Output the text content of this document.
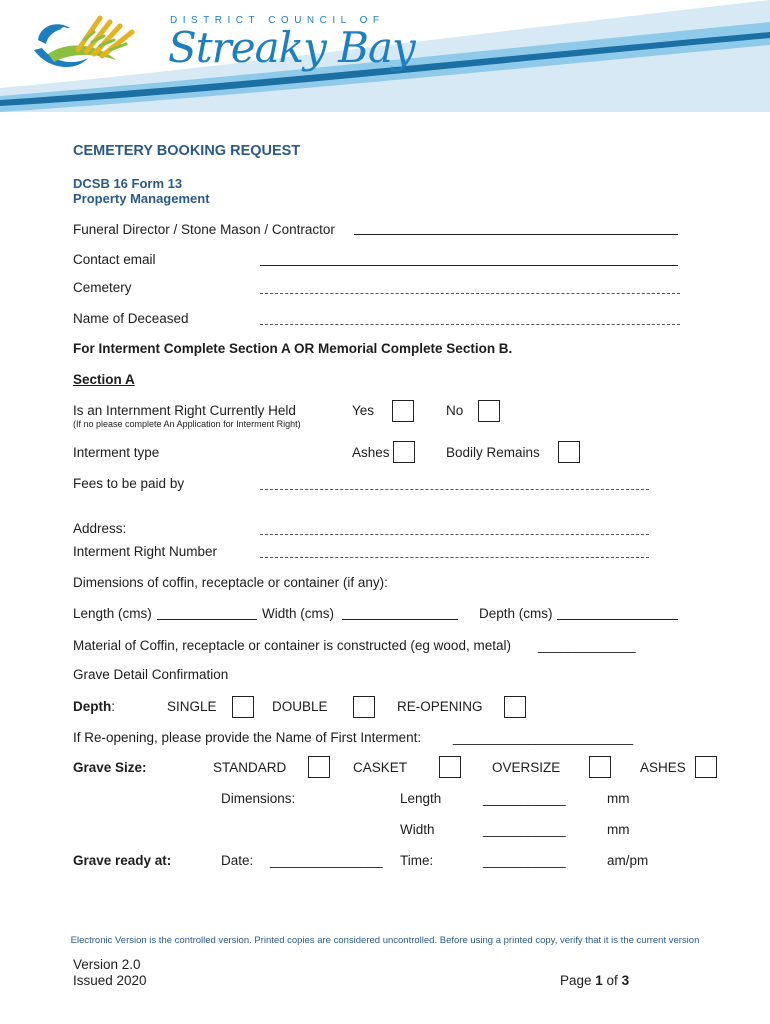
DISTRICT COUNCIL OF
Streaky Bay
CEMETERY BOOKING REQUEST
DCSB 16 Form 13
Property Management
Funeral Director / Stone Mason / Contractor
Contact email
Cemetery
Name of Deceased
For Interment Complete Section A OR Memorial Complete Section B.
Section A
Is an Internment Right Currently Held
(If no please complete An Application for Interment Right)
Yes	No
Interment type	Ashes	Bodily Remains
Fees to be paid by
Address:
Interment Right Number
Dimensions of coffin, receptacle or container (if any):
Length (cms)	Width (cms)	Depth (cms)
Material of Coffin, receptacle or container is constructed (eg wood, metal) _____________
Grave Detail Confirmation
Depth:	SINGLE	DOUBLE	RE-OPENING
If Re-opening, please provide the Name of First Interment: ________________________
Grave Size:	STANDARD	CASKET	OVERSIZE	ASHES
Dimensions:	Length	___________	mm
Width	___________	mm
Grave ready at:	Date: _______________ Time:	___________	am/pm
Electronic Version is the controlled version. Printed copies are considered uncontrolled. Before using a printed copy, verify that it is the current version
Version 2.0
Issued 2020	Page 1 of 3
